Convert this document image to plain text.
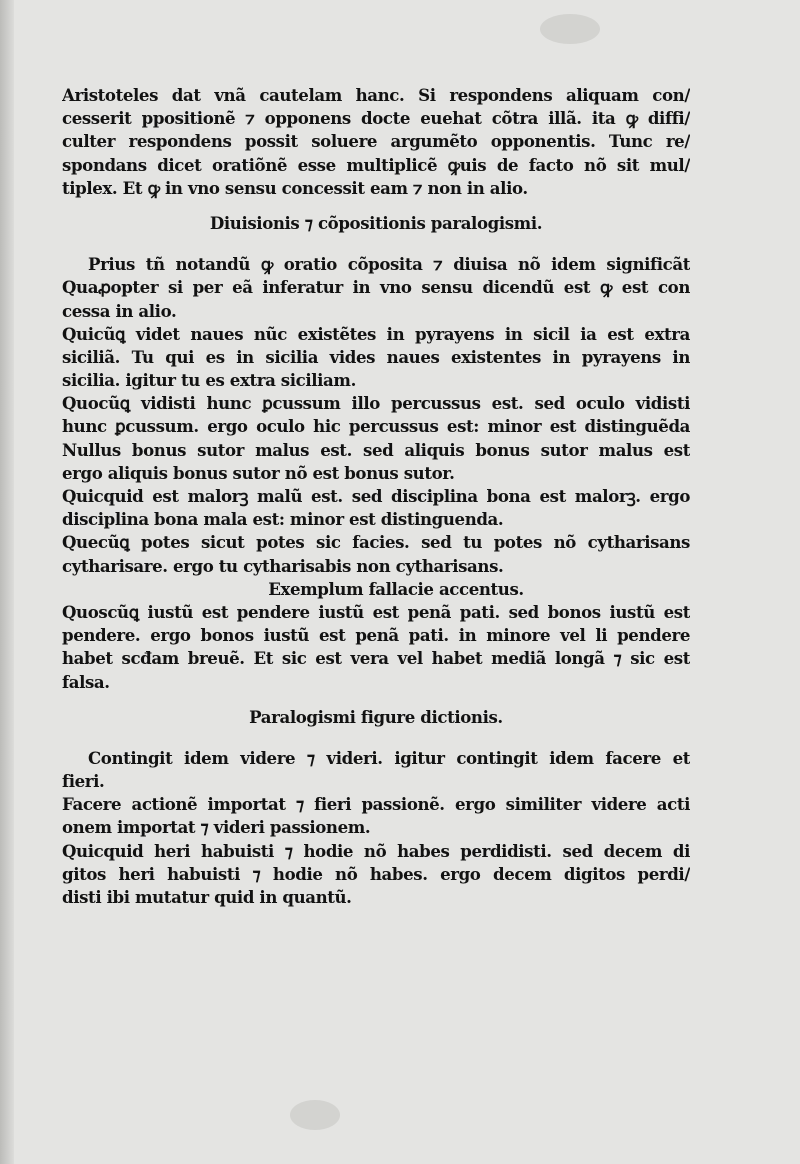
Aristoteles dat vnã cautelam hanc. Si respondens aliquam con/
cesserit ppositionẽ ⁊ opponens docte euehat cõtra illã. ita ꝙ diffi/
culter respondens possit soluere argumẽto opponentis. Tunc re/
spondans dicet oratiõnẽ esse multiplicẽ ꝙuis de facto nõ sit mul/
tiplex. Et ꝙ in vno sensu concessit eam ⁊ non in alio.
Diuisionis ⁊ cõpositionis paralogismi.
Prius tñ notandũ ꝙ oratio cõposita ⁊ diuisa nõ idem significãt
Quaꝓopter si per eã inferatur in vno sensu dicendũ est ꝙ est con
cessa in alio.
Quicũꝗ videt naues nũc existẽtes in pyrayens in sicil ia est extra
siciliã. Tu qui es in sicilia vides naues existentes in pyrayens in
sicilia. igitur tu es extra siciliam.
Quocũꝗ vidisti hunc ꝑcussum illo percussus est. sed oculo vidisti
hunc ꝑcussum. ergo oculo hic percussus est: minor est distinguẽda
Nullus bonus sutor malus est. sed aliquis bonus sutor malus est
ergo aliquis bonus sutor nõ est bonus sutor.
Quicquid est malorꝫ malũ est. sed disciplina bona est malorꝫ. ergo
disciplina bona mala est: minor est distinguenda.
Quecũꝗ potes sicut potes sic facies. sed tu potes nõ cytharisans
cytharisare. ergo tu cytharisabis non cytharisans.
Exemplum fallacie accentus.
Quoscũꝗ iustũ est pendere iustũ est penã pati. sed bonos iustũ est
pendere. ergo bonos iustũ est penã pati. in minore vel li pendere
habet scđam breuẽ. Et sic est vera vel habet mediã longã ⁊ sic est
falsa.
Paralogismi figure dictionis.
Contingit idem videre ⁊ videri. igitur contingit idem facere et
fieri.
Facere actionẽ importat ⁊ fieri passionẽ. ergo similiter videre acti
onem importat ⁊ videri passionem.
Quicquid heri habuisti ⁊ hodie nõ habes perdidisti. sed decem di
gitos heri habuisti ⁊ hodie nõ habes. ergo decem digitos perdi/
disti ibi mutatur quid in quantũ.
